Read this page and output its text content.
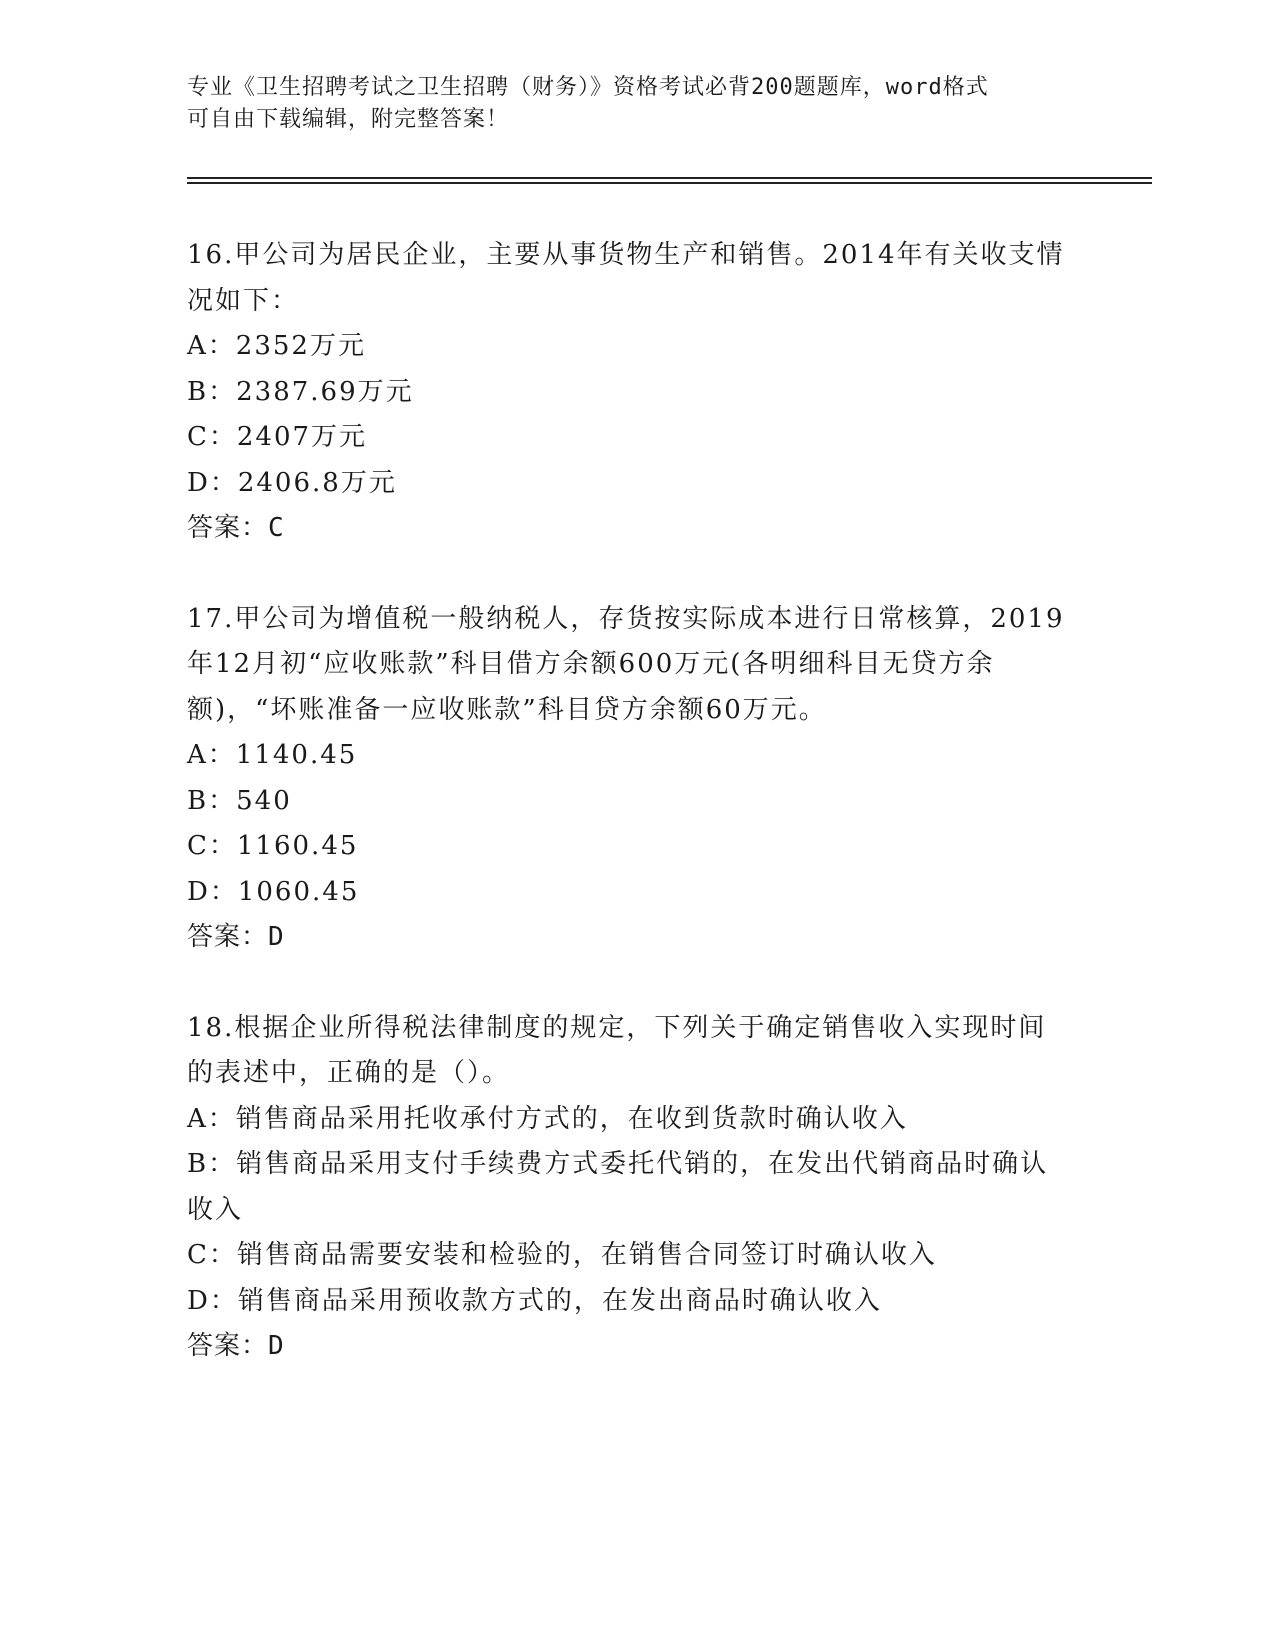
专业《卫生招聘考试之卫生招聘（财务）》资格考试必背200题题库，word格式
可自由下载编辑，附完整答案！
16.甲公司为居民企业，主要从事货物生产和销售。2014年有关收支情
况如下：
A：2352万元
B：2387.69万元
C：2407万元
D：2406.8万元
答案：C
17.甲公司为增值税一般纳税人，存货按实际成本进行日常核算，2019
年12月初“应收账款”科目借方余额600万元(各明细科目无贷方余
额)，“坏账准备一应收账款”科目贷方余额60万元。
A：1140.45
B：540
C：1160.45
D：1060.45
答案：D
18.根据企业所得税法律制度的规定，下列关于确定销售收入实现时间
的表述中，正确的是（）。
A：销售商品采用托收承付方式的，在收到货款时确认收入
B：销售商品采用支付手续费方式委托代销的，在发出代销商品时确认
收入
C：销售商品需要安装和检验的，在销售合同签订时确认收入
D：销售商品采用预收款方式的，在发出商品时确认收入
答案：D
